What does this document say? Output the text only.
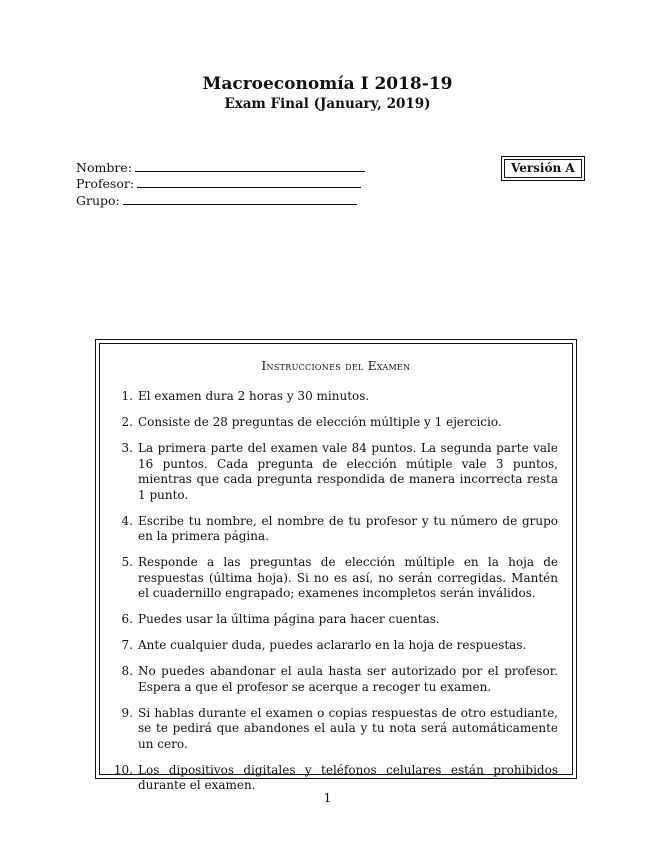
Macroeconomía I 2018-19
Exam Final (January, 2019)
Nombre:
Profesor:
Grupo:
Versión A
Instrucciones del Examen
1. El examen dura 2 horas y 30 minutos.
2. Consiste de 28 preguntas de elección múltiple y 1 ejercicio.
3. La primera parte del examen vale 84 puntos. La segunda parte vale 16 puntos. Cada pregunta de elección mútiple vale 3 puntos, mientras que cada pregunta respondida de manera incorrecta resta 1 punto.
4. Escribe tu nombre, el nombre de tu profesor y tu número de grupo en la primera página.
5. Responde a las preguntas de elección múltiple en la hoja de respuestas (última hoja). Si no es así, no serán corregidas. Mantén el cuadernillo engrapado; examenes incompletos serán inválidos.
6. Puedes usar la última página para hacer cuentas.
7. Ante cualquier duda, puedes aclararlo en la hoja de respuestas.
8. No puedes abandonar el aula hasta ser autorizado por el profesor. Espera a que el profesor se acerque a recoger tu examen.
9. Si hablas durante el examen o copias respuestas de otro estudiante, se te pedirá que abandones el aula y tu nota será automáticamente un cero.
10. Los dipositivos digitales y teléfonos celulares están prohibidos durante el examen.
1
